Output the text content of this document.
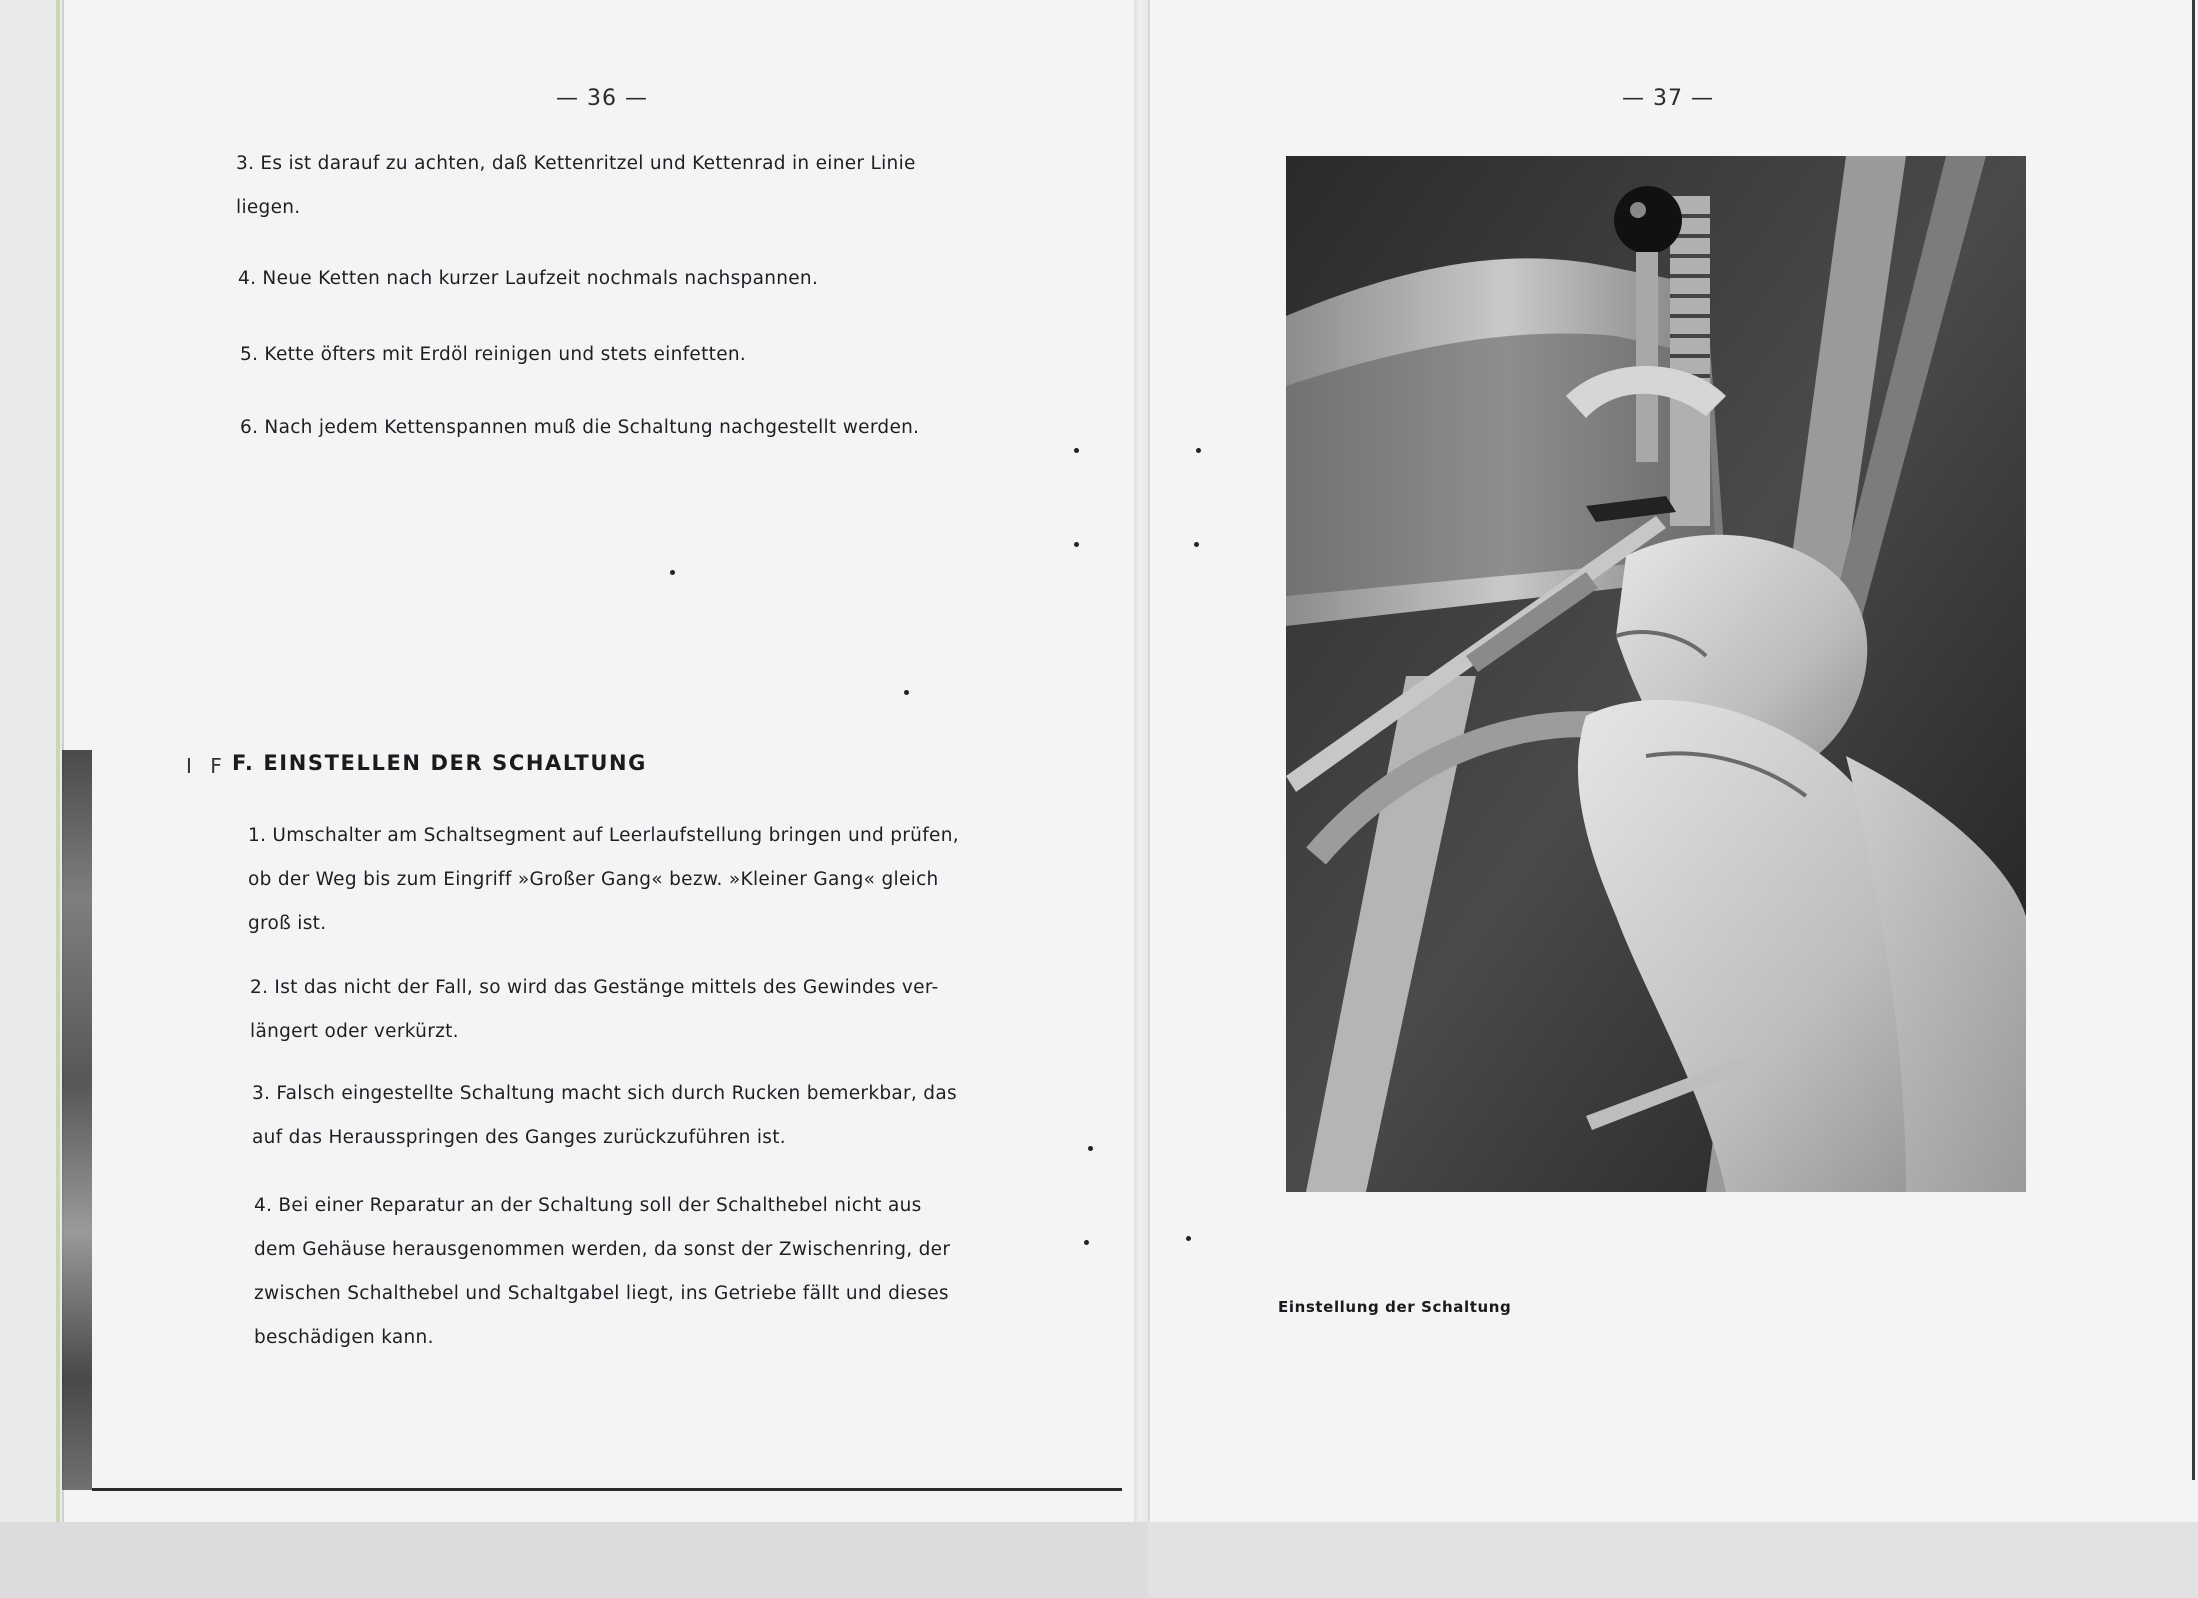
— 36 —
3. Es ist darauf zu achten, daß Kettenritzel und Kettenrad in einer Linie
liegen.
4. Neue Ketten nach kurzer Laufzeit nochmals nachspannen.
5. Kette öfters mit Erdöl reinigen und stets einfetten.
6. Nach jedem Kettenspannen muß die Schaltung nachgestellt werden.
I F F. EINSTELLEN DER SCHALTUNG
1. Umschalter am Schaltsegment auf Leerlaufstellung bringen und prüfen,
ob der Weg bis zum Eingriff »Großer Gang« bezw. »Kleiner Gang« gleich
groß ist.
2. Ist das nicht der Fall, so wird das Gestänge mittels des Gewindes ver-
längert oder verkürzt.
3. Falsch eingestellte Schaltung macht sich durch Rucken bemerkbar, das
auf das Herausspringen des Ganges zurückzuführen ist.
4. Bei einer Reparatur an der Schaltung soll der Schalthebel nicht aus
dem Gehäuse herausgenommen werden, da sonst der Zwischenring, der
zwischen Schalthebel und Schaltgabel liegt, ins Getriebe fällt und dieses
beschädigen kann.
— 37 —
Einstellung der Schaltung
